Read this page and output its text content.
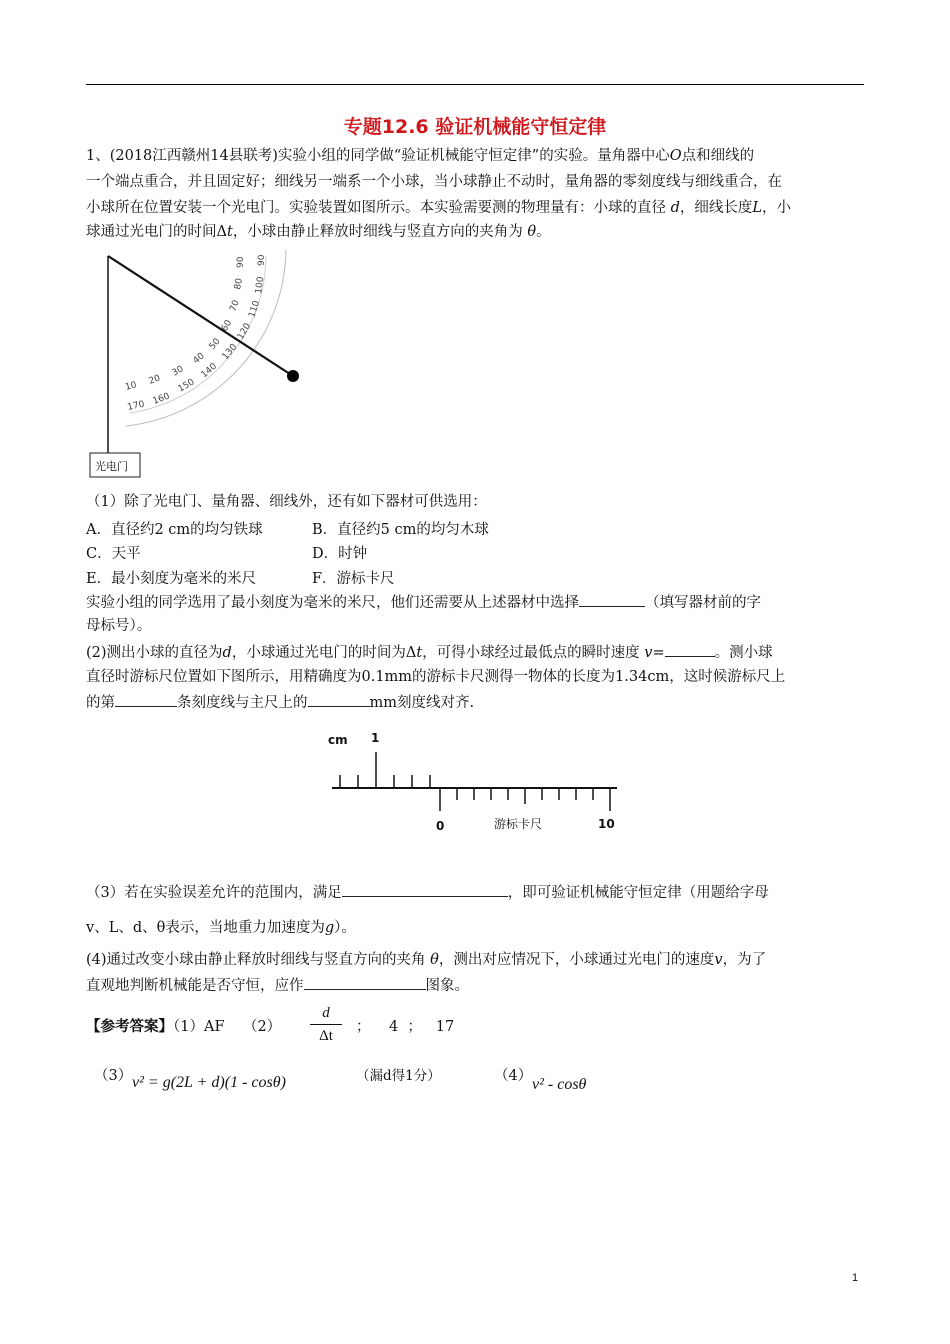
专题12.6 验证机械能守恒定律
1、(2018江西赣州14县联考)实验小组的同学做“验证机械能守恒定律”的实验。量角器中心O点和细线的
一个端点重合，并且固定好；细线另一端系一个小球，当小球静止不动时，量角器的零刻度线与细线重合，在
小球所在位置安装一个光电门。实验装置如图所示。本实验需要测的物理量有：小球的直径 d，细线长度L，小
球通过光电门的时间Δt，小球由静止释放时细线与竖直方向的夹角为 θ。
10 20
30
40
50
60
70
80
90
170 160
150
140
130
120
110
100
90
光电门
（1）除了光电门、量角器、细线外，还有如下器材可供选用：
A．直径约2 cm的均匀铁球	B．直径约5 cm的均匀木球
C．天平	D．时钟
E．最小刻度为毫米的米尺	F．游标卡尺
实验小组的同学选用了最小刻度为毫米的米尺，他们还需要从上述器材中选择	（填写器材前的字
母标号）。
(2)测出小球的直径为d，小球通过光电门的时间为Δt，可得小球经过最低点的瞬时速度 v=	。测小球
直径时游标尺位置如下图所示，用精确度为0.1mm的游标卡尺测得一物体的长度为1.34cm，这时候游标尺上
的第	条刻度线与主尺上的	mm刻度线对齐.
cm 1
0	10
游标卡尺
（3）若在实验误差允许的范围内，满足	，即可验证机械能守恒定律（用题给字母
v、L、d、θ表示，当地重力加速度为g）。
(4)通过改变小球由静止释放时细线与竖直方向的夹角 θ，测出对应情况下，小球通过光电门的速度v，为了
直观地判断机械能是否守恒，应作	图象。
【参考答案】（1）AF $(2) \frac{d}{\Delta t}$ ； 4 ； 17
（3） v² = g(2L + d)(1 - cosθ)	（漏d得1分）	（4） v² - cosθ
1
